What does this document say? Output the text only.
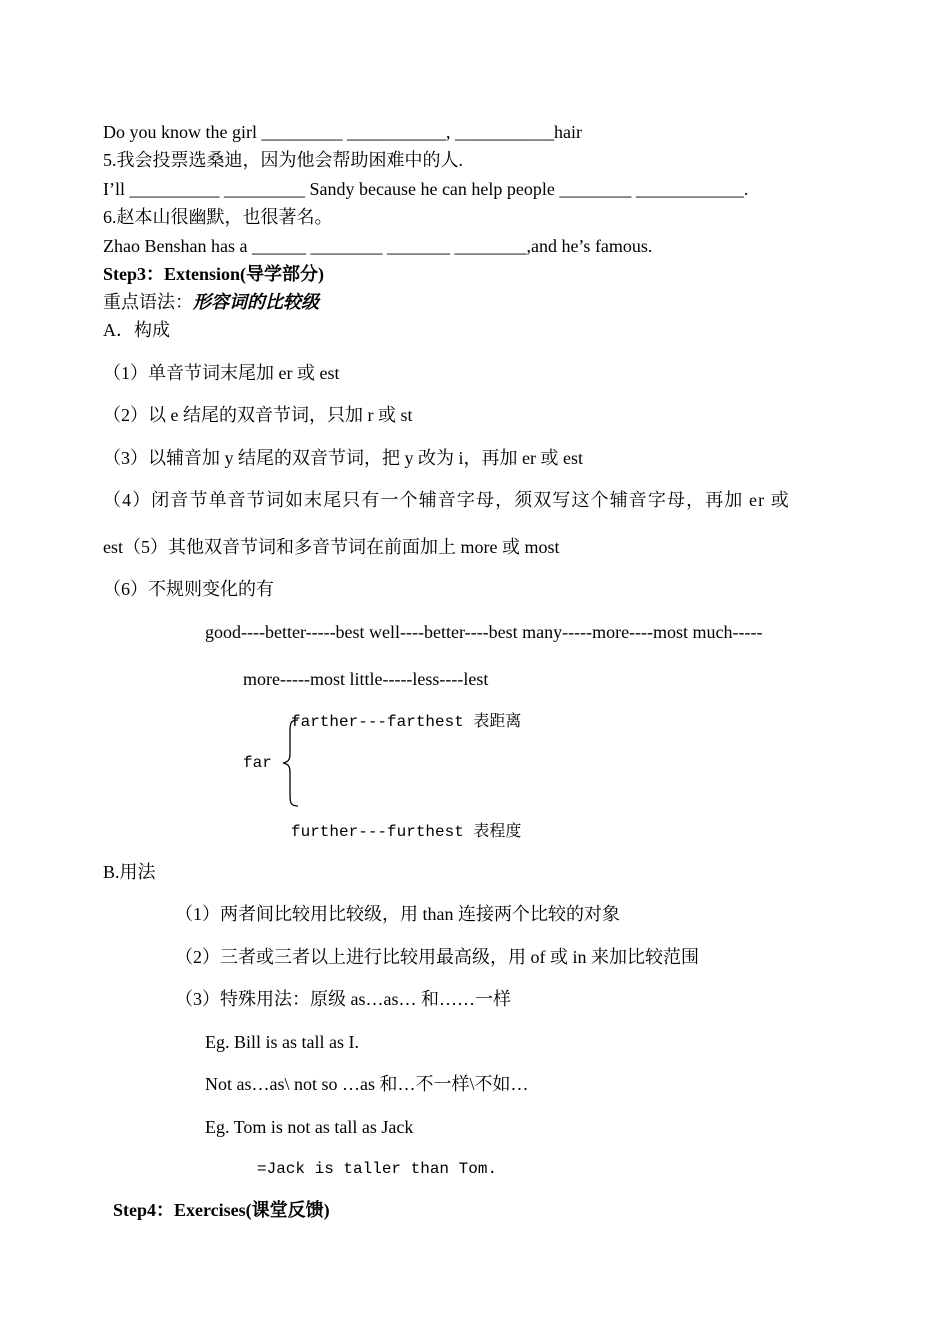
Do you know the girl _________ ___________, ___________hair
5.我会投票选桑迪，因为他会帮助困难中的人.
I’ll __________ _________ Sandy because he can help people ________ ____________.
6.赵本山很幽默，也很著名。
Zhao Benshan has a ______ ________ _______ ________,and he’s famous.
Step3：Extension(导学部分)
重点语法：形容词的比较级
A．构成
（1）单音节词末尾加 er 或 est
（2）以 e 结尾的双音节词，只加 r 或 st
（3）以辅音加 y 结尾的双音节词，把 y 改为 i，再加 er 或 est
（4）闭音节单音节词如末尾只有一个辅音字母，须双写这个辅音字母，再加 er 或
est（5）其他双音节词和多音节词在前面加上 more 或 most
（6）不规则变化的有
good----better-----best well----better----best many-----more----most much-----
more-----most little-----less----lest
farther---farthest 表距离
far
further---furthest 表程度
B.用法
（1）两者间比较用比较级，用 than 连接两个比较的对象
（2）三者或三者以上进行比较用最高级，用 of 或 in 来加比较范围
（3）特殊用法：原级 as…as… 和……一样
Eg. Bill is as tall as I.
Not as…as\ not so …as 和…不一样\不如…
Eg. Tom is not as tall as Jack
=Jack is taller than Tom.
Step4：Exercises(课堂反馈)
